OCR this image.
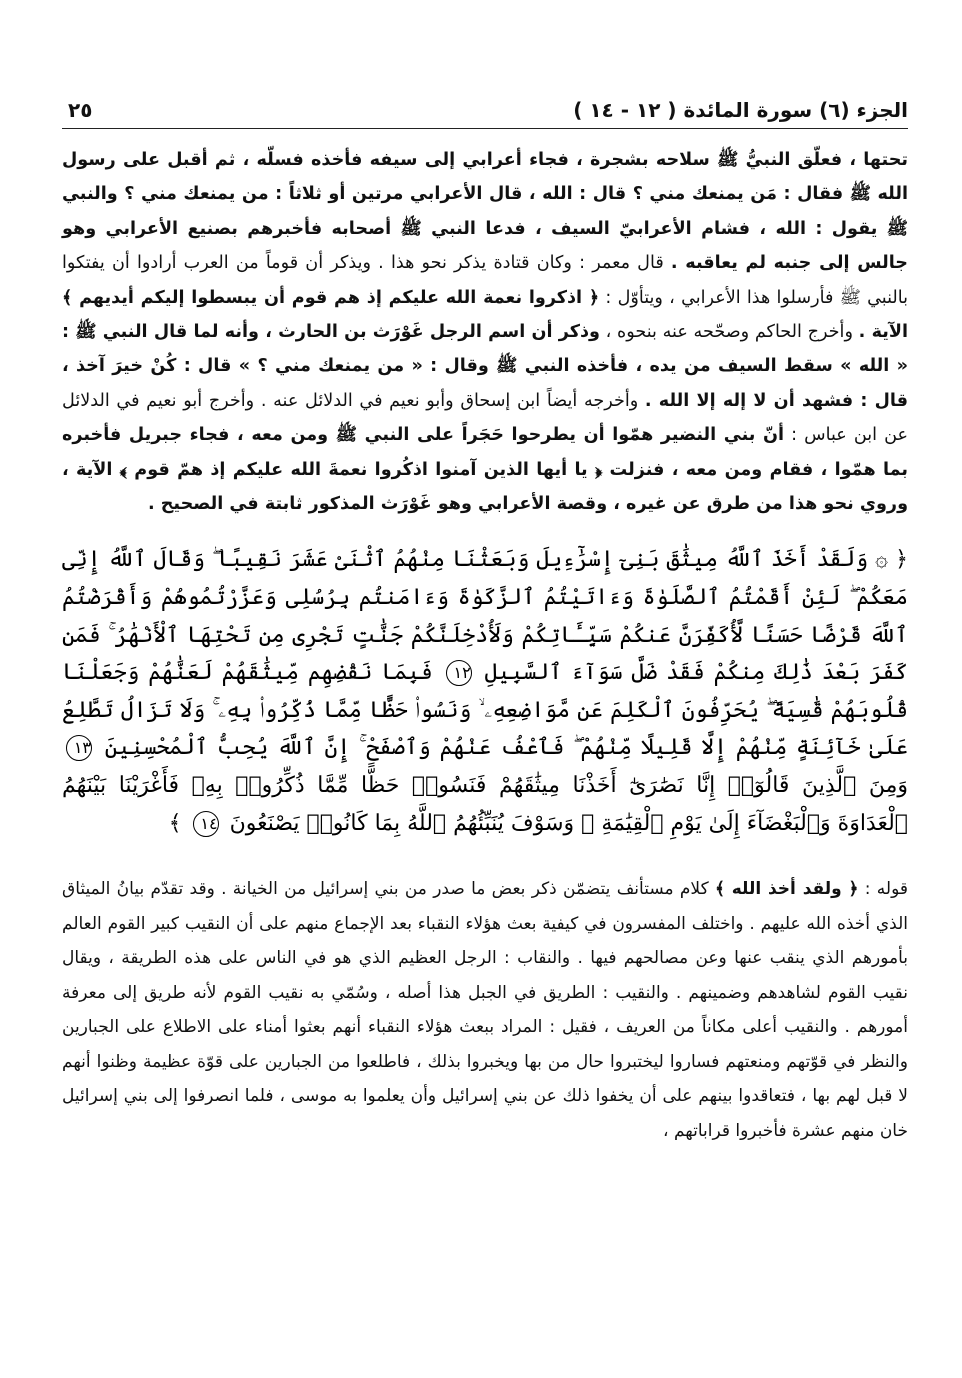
الجزء (٦) سورة المائدة ( ١٢ - ١٤ )
٢٥

تحتها ، فعلّق النبيُّ ﷺ سلاحه بشجرة ، فجاء أعرابي إلى سيفه فأخذه فسلّه ، ثم أقبل على رسول الله ﷺ فقال : مَن يمنعك مني ؟ قال : الله ، قال الأعرابي مرتين أو ثلاثاً : من يمنعك مني ؟ والنبي ﷺ يقول : الله ، فشام الأعرابيّ السيف ، فدعا النبي ﷺ أصحابه فأخبرهم بصنيع الأعرابي وهو جالس إلى جنبه لم يعاقبه . قال معمر : وكان قتادة يذكر نحو هذا . ويذكر أن قوماً من العرب أرادوا أن يفتكوا بالنبي ﷺ فأرسلوا هذا الأعرابي ، ويتأوّل : ﴿ اذكروا نعمة الله عليكم إذ هم قوم أن يبسطوا إليكم أيديهم ﴾ الآية . وأخرج الحاكم وصحّحه عنه بنحوه ، وذكر أن اسم الرجل غَوْرَث بن الحارث ، وأنه لما قال النبي ﷺ : « الله » سقط السيف من يده ، فأخذه النبي ﷺ وقال : « من يمنعك مني ؟ » قال : كُنْ خيرَ آخذ ، قال : فشهد أن لا إله إلا الله . وأخرجه أيضاً ابن إسحاق وأبو نعيم في الدلائل عنه . وأخرج أبو نعيم في الدلائل عن ابن عباس : أنّ بني النضير همّوا أن يطرحوا حَجَراً على النبي ﷺ ومن معه ، فجاء جبريل فأخبره بما همّوا ، فقام ومن معه ، فنزلت ﴿ يا أيها الذين آمنوا اذكُروا نعمةَ الله عليكم إذ همّ قوم ﴾ الآية ، وروي نحو هذا من طرق عن غيره ، وقصة الأعرابي وهو غَوْرَث المذكور ثابتة في الصحيح .

﴿ ۞ وَلَقَدْ أَخَذَ ٱللَّهُ مِيثَٰقَ بَنِىٓ إِسْرَٰٓءِيلَ وَبَعَثْنَا مِنْهُمُ ٱثْنَىْ عَشَرَ نَقِيبًا ۖ وَقَالَ ٱللَّهُ إِنِّى مَعَكُمْ ۖ لَئِنْ أَقَمْتُمُ ٱلصَّلَوٰةَ وَءَاتَيْتُمُ ٱلزَّكَوٰةَ وَءَامَنتُم بِرُسُلِى وَعَزَّرْتُمُوهُمْ وَأَقْرَضْتُمُ ٱللَّهَ قَرْضًا حَسَنًا لَّأُكَفِّرَنَّ عَنكُمْ سَيِّـَٔاتِكُمْ وَلَأُدْخِلَنَّكُمْ جَنَّٰتٍ تَجْرِى مِن تَحْتِهَا ٱلْأَنْهَٰرُ ۚ فَمَن كَفَرَ بَعْدَ ذَٰلِكَ مِنكُمْ فَقَدْ ضَلَّ سَوَآءَ ٱلسَّبِيلِ ١٢ فَبِمَا نَقْضِهِم مِّيثَٰقَهُمْ لَعَنَّٰهُمْ وَجَعَلْنَا قُلُوبَهُمْ قَٰسِيَةً ۖ يُحَرِّفُونَ ٱلْكَلِمَ عَن مَّوَاضِعِهِۦ ۙ وَنَسُوا۟ حَظًّا مِّمَّا ذُكِّرُوا۟ بِهِۦ ۚ وَلَا تَزَالُ تَطَّلِعُ عَلَىٰ خَآئِنَةٍ مِّنْهُمْ إِلَّا قَلِيلًا مِّنْهُمْ ۖ فَٱعْفُ عَنْهُمْ وَٱصْفَحْ ۚ إِنَّ ٱللَّهَ يُحِبُّ ٱلْمُحْسِنِينَ ١٣ وَمِنَ ٱلَّذِينَ قَالُوٓا۟ إِنَّا نَصَٰرَىٰٓ أَخَذْنَا مِيثَٰقَهُمْ فَنَسُوا۟ حَظًّا مِّمَّا ذُكِّرُوا۟ بِهِۦ فَأَغْرَيْنَا بَيْنَهُمُ ٱلْعَدَاوَةَ وَٱلْبَغْضَآءَ إِلَىٰ يَوْمِ ٱلْقِيَٰمَةِ ۚ وَسَوْفَ يُنَبِّئُهُمُ ٱللَّهُ بِمَا كَانُوا۟ يَصْنَعُونَ ١٤ ﴾

قوله : ﴿ ولقد أخذ الله ﴾ كلام مستأنف يتضمّن ذكر بعض ما صدر من بني إسرائيل من الخيانة . وقد تقدّم بيانُ الميثاق الذي أخذه الله عليهم . واختلف المفسرون في كيفية بعث هؤلاء النقباء بعد الإجماع منهم على أن النقيب كبير القوم العالم بأمورهم الذي ينقب عنها وعن مصالحهم فيها . والنقاب : الرجل العظيم الذي هو في الناس على هذه الطريقة ، ويقال نقيب القوم لشاهدهم وضمينهم . والنقيب : الطريق في الجبل هذا أصله ، وسُمّي به نقيب القوم لأنه طريق إلى معرفة أمورهم . والنقيب أعلى مكاناً من العريف ، فقيل : المراد ببعث هؤلاء النقباء أنهم بعثوا أمناء على الاطلاع على الجبارين والنظر في قوّتهم ومنعتهم فساروا ليختبروا حال من بها ويخبروا بذلك ، فاطلعوا من الجبارين على قوّة عظيمة وظنوا أنهم لا قبل لهم بها ، فتعاقدوا بينهم على أن يخفوا ذلك عن بني إسرائيل وأن يعلموا به موسى ، فلما انصرفوا إلى بني إسرائيل خان منهم عشرة فأخبروا قراباتهم ،
